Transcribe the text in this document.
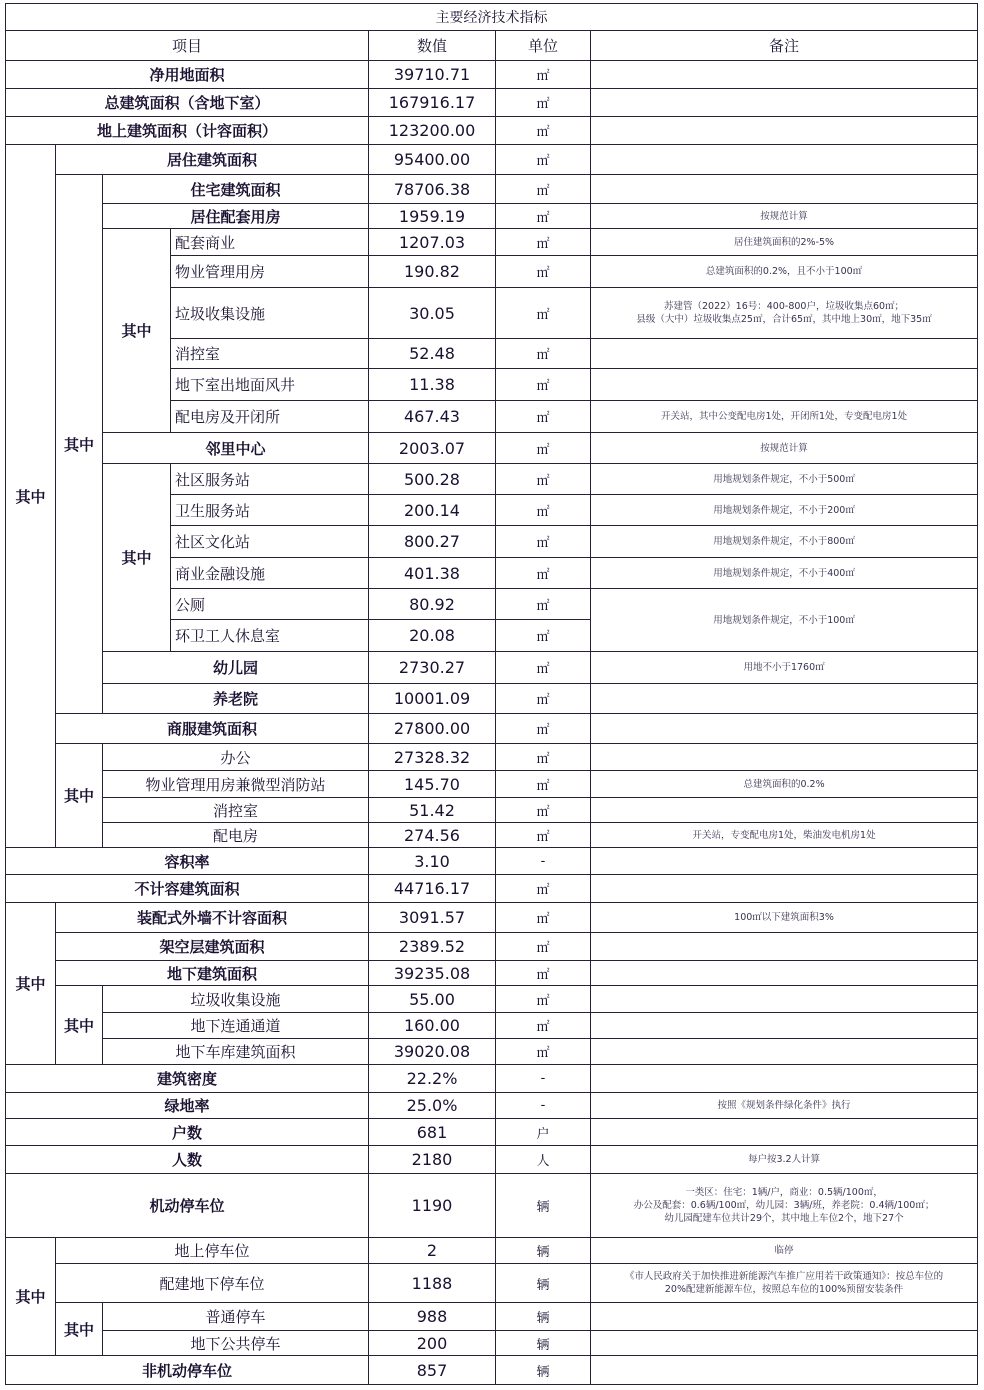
主要经济技术指标						
项目				数值	单位	备注
净用地面积				39710.71	㎡	
总建筑面积（含地下室）				167916.17	㎡	
地上建筑面积（计容面积）				123200.00	㎡	
其中	居住建筑面积			95400.00	㎡	
	其中	住宅建筑面积		78706.38	㎡	
		居住配套用房		1959.19	㎡	按规范计算
		其中	配套商业	1207.03	㎡	居住建筑面积的2%-5%
			物业管理用房	190.82	㎡	总建筑面积的0.2%，且不小于100㎡
			垃圾收集设施	30.05	㎡	苏建管（2022）16号：400-800户，垃圾收集点60㎡；
县级（大中）垃圾收集点25㎡，合计65㎡，其中地上30㎡，地下35㎡

			消控室	52.48	㎡	
			地下室出地面风井	11.38	㎡	
			配电房及开闭所	467.43	㎡	开关站，其中公变配电房1处，开闭所1处，专变配电房1处
		邻里中心		2003.07	㎡	按规范计算
		其中	社区服务站	500.28	㎡	用地规划条件规定，不小于500㎡
			卫生服务站	200.14	㎡	用地规划条件规定，不小于200㎡
			社区文化站	800.27	㎡	用地规划条件规定，不小于800㎡
			商业金融设施	401.38	㎡	用地规划条件规定，不小于400㎡
			公厕	80.92	㎡	用地规划条件规定，不小于100㎡
			环卫工人休息室	20.08	㎡	
		幼儿园		2730.27	㎡	用地不小于1760㎡
		养老院		10001.09	㎡	
	商服建筑面积			27800.00	㎡	
	其中	办公		27328.32	㎡	
		物业管理用房兼微型消防站		145.70	㎡	总建筑面积的0.2%
		消控室		51.42	㎡	
		配电房		274.56	㎡	开关站，专变配电房1处，柴油发电机房1处
容积率				3.10	-	
不计容建筑面积				44716.17	㎡	
其中	装配式外墙不计容面积			3091.57	㎡	100㎡以下建筑面积3%
	架空层建筑面积			2389.52	㎡	
	地下建筑面积			39235.08	㎡	
	其中	垃圾收集设施		55.00	㎡	
		地下连通通道		160.00	㎡	
		地下车库建筑面积		39020.08	㎡	
建筑密度				22.2%	-	
绿地率				25.0%	-	按照《规划条件绿化条件》执行
户数				681	户	
人数				2180	人	每户按3.2人计算
机动停车位				1190	辆	一类区：住宅：1辆/户，商业：0.5辆/100㎡，
办公及配套：0.6辆/100㎡，幼儿园：3辆/班，养老院：0.4辆/100㎡；
幼儿园配建车位共计29个，其中地上车位2个，地下27个

其中	地上停车位			2	辆	临停
	配建地下停车位			1188	辆	《市人民政府关于加快推进新能源汽车推广应用若干政策通知》：按总车位的
20%配建新能源车位，按照总车位的100%预留安装条件

	其中	普通停车		988	辆	
		地下公共停车		200	辆	
非机动停车位				857	辆	
